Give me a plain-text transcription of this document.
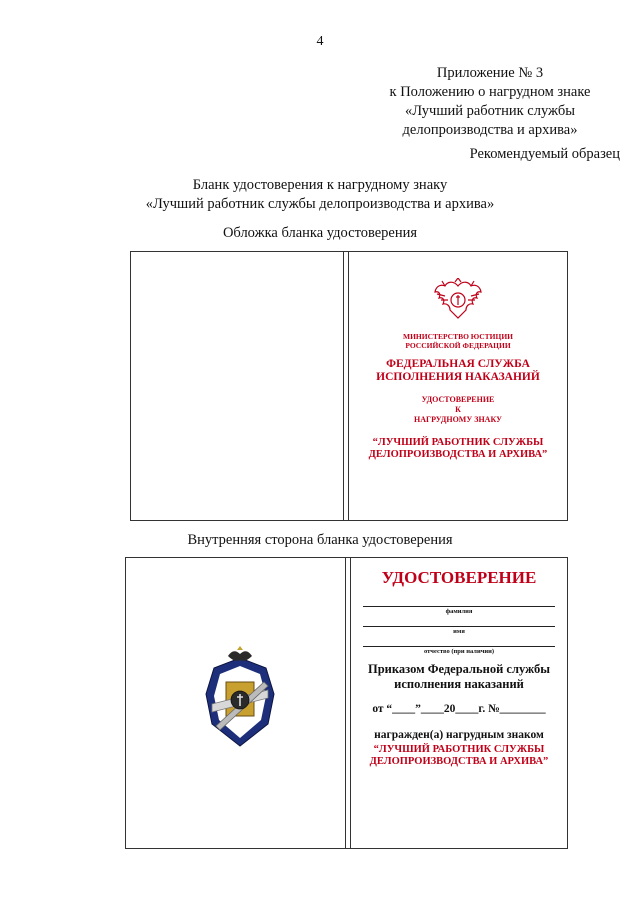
4
Приложение № 3
к Положению о нагрудном знаке
«Лучший работник службы
делопроизводства и архива»
Рекомендуемый образец
Бланк удостоверения к нагрудному знаку
«Лучший работник службы делопроизводства и архива»
Обложка бланка удостоверения
МИНИСТЕРСТВО ЮСТИЦИИ
РОССИЙСКОЙ ФЕДЕРАЦИИ
ФЕДЕРАЛЬНАЯ СЛУЖБА
ИСПОЛНЕНИЯ НАКАЗАНИЙ
УДОСТОВЕРЕНИЕ
К
НАГРУДНОМУ ЗНАКУ
“ЛУЧШИЙ РАБОТНИК СЛУЖБЫ
ДЕЛОПРОИЗВОДСТВА И АРХИВА”
Внутренняя сторона бланка удостоверения
УДОСТОВЕРЕНИЕ
фамилия
имя
отчество (при наличии)
Приказом Федеральной службы
исполнения наказаний
от “____”____20____г. №________
награжден(а) нагрудным знаком
“ЛУЧШИЙ РАБОТНИК СЛУЖБЫ
ДЕЛОПРОИЗВОДСТВА И АРХИВА”
